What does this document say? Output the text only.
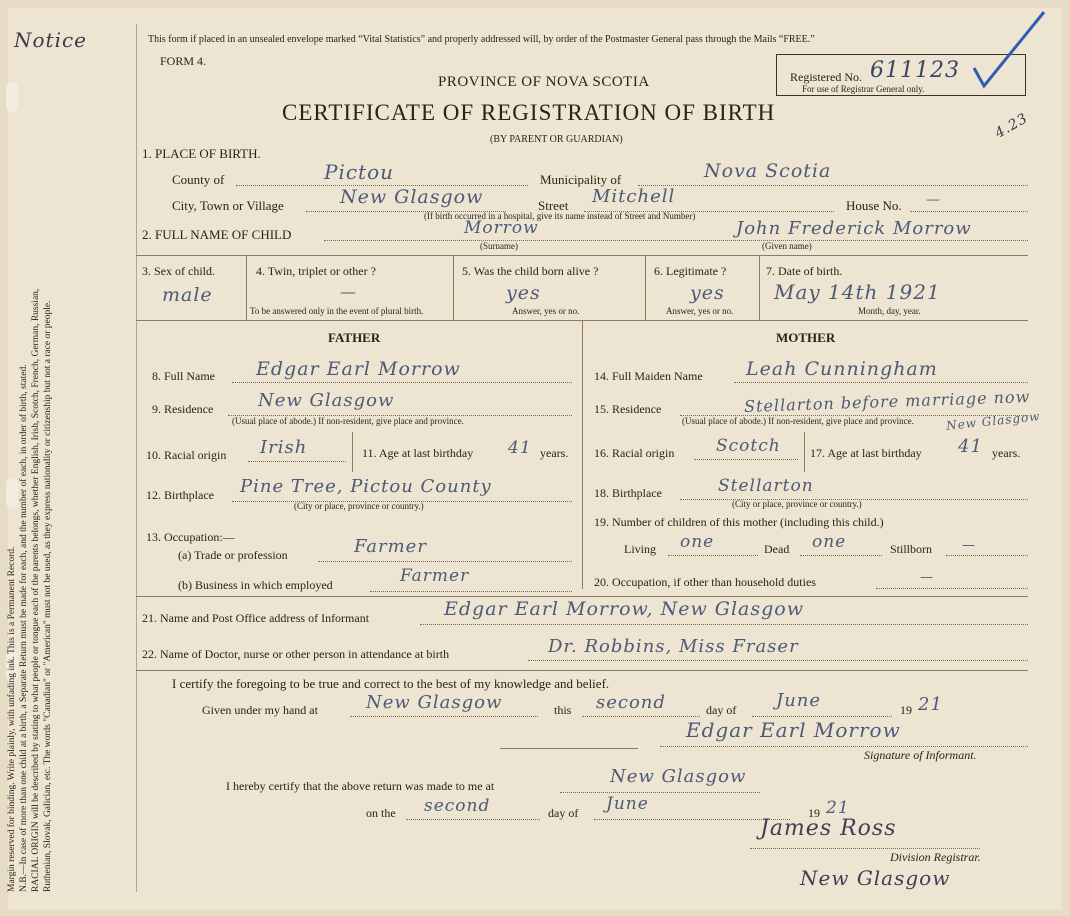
Margin reserved for binding. Write plainly, with unfading ink. This is a Permanent Record. N.B.—In case of more than one child at a birth, a Separate Return must be made for each, and the number of each, in order of birth, stated. RACIAL ORIGIN will be described by stating to what people or tongue each of the parents belongs, whether English, Irish, Scotch, French, German, Russian, Ruthenian, Slovak, Galician, etc. The words "Canadian" or "American" must not be used, as they express nationality or citizenship but not a race or people.
Notice	This form if placed in an unsealed envelope marked “Vital Statistics” and properly addressed will, by order of the Postmaster General pass through the Mails “FREE.”
FORM 4.
PROVINCE OF NOVA SCOTIA	Registered No. 611123
For use of Registrar General only.
CERTIFICATE OF REGISTRATION OF BIRTH
(BY PARENT OR GUARDIAN)	4.23
1. PLACE OF BIRTH.
County of	Pictou	Municipality of	Nova Scotia
City, Town or Village	New Glasgow	Street Mitchell	House No. —
(If birth occurred in a hospital, give its name instead of Street and Number)
2. FULL NAME OF CHILD	Morrow
(Surname)
John Frederick Morrow
(Given name)
3. Sex of child.
male
4. Twin, triplet or other ?
—
To be answered only in the event of plural birth.
5. Was the child born alive ?
yes
Answer, yes or no.
6. Legitimate ?
yes
Answer, yes or no.
7. Date of birth.
May 14th 1921
Month, day, year.
FATHER	MOTHER
8. Full Name Edgar Earl Morrow
9. Residence New Glasgow
(Usual place of abode.) If non-resident, give place and province.
10. Racial origin Irish	11. Age at last birthday 41 years.
12. Birthplace Pine Tree, Pictou County
(City or place, province or country.)
13. Occupation:—
(a) Trade or profession	Farmer
(b) Business in which employed	Farmer
14. Full Maiden Name Leah Cunningham
15. Residence	Stellarton before marriage now
New Glasgow
(Usual place of abode.) If non-resident, give place and province.
16. Racial origin Scotch 17. Age at last birthday 41 years.
18. Birthplace	Stellarton
(City or place, province or country.)
19. Number of children of this mother (including this child.)
Living one	Dead one	Stillborn —
20. Occupation, if other than household duties	—
21. Name and Post Office address of Informant	Edgar Earl Morrow, New Glasgow
22. Name of Doctor, nurse or other person in attendance at birth	Dr. Robbins, Miss Fraser
I certify the foregoing to be true and correct to the best of my knowledge and belief.
Given under my hand at	New Glasgow	this second	day of June	19 21
Edgar Earl Morrow
Signature of Informant.
I hereby certify that the above return was made to me at	New Glasgow
on the second	day of June	19 21
James Ross
Division Registrar.
New Glasgow
